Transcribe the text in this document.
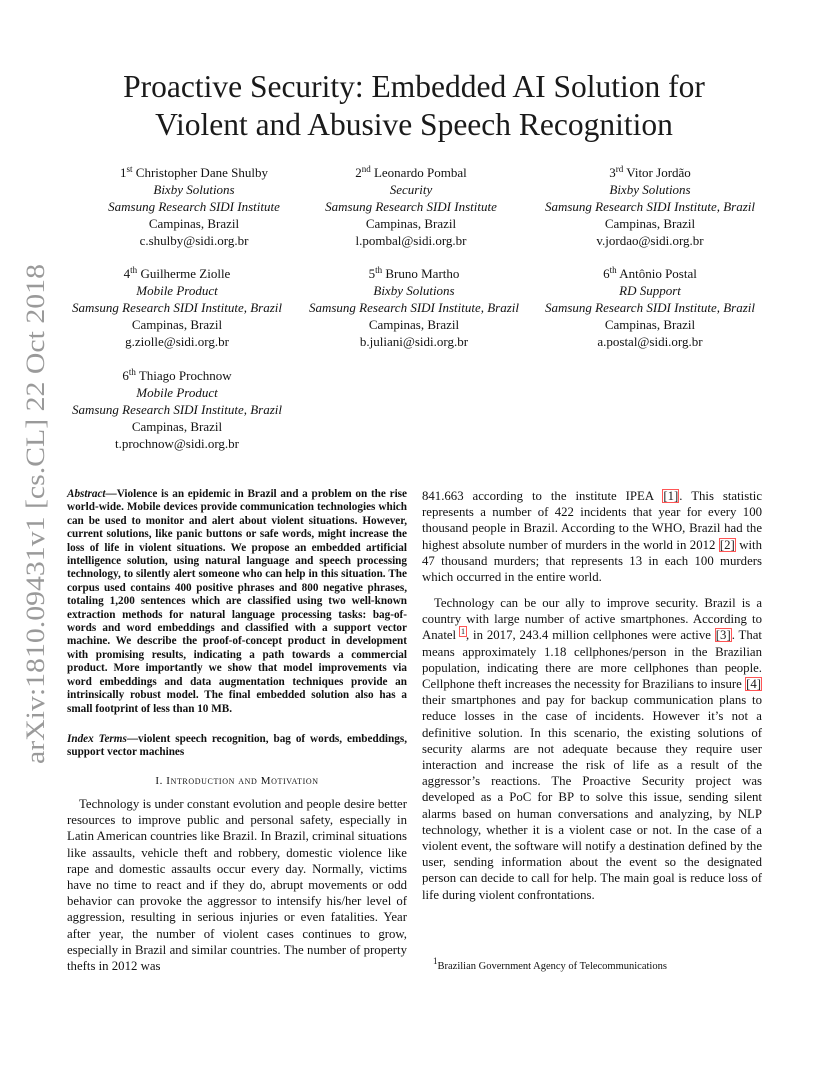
Proactive Security: Embedded AI Solution for
Violent and Abusive Speech Recognition
arXiv:1810.09431v1 [cs.CL] 22 Oct 2018
1st Christopher Dane Shulby
Bixby Solutions
Samsung Research SIDI Institute
Campinas, Brazil
c.shulby@sidi.org.br
2nd Leonardo Pombal
Security
Samsung Research SIDI Institute
Campinas, Brazil
l.pombal@sidi.org.br
3rd Vitor Jordão
Bixby Solutions
Samsung Research SIDI Institute, Brazil
Campinas, Brazil
v.jordao@sidi.org.br
4th Guilherme Ziolle
Mobile Product
Samsung Research SIDI Institute, Brazil
Campinas, Brazil
g.ziolle@sidi.org.br
5th Bruno Martho
Bixby Solutions
Samsung Research SIDI Institute, Brazil
Campinas, Brazil
b.juliani@sidi.org.br
6th Antônio Postal
RD Support
Samsung Research SIDI Institute, Brazil
Campinas, Brazil
a.postal@sidi.org.br
6th Thiago Prochnow
Mobile Product
Samsung Research SIDI Institute, Brazil
Campinas, Brazil
t.prochnow@sidi.org.br
Abstract—Violence is an epidemic in Brazil and a problem on the rise world-wide. Mobile devices provide communication technologies which can be used to monitor and alert about violent situations. However, current solutions, like panic buttons or safe words, might increase the loss of life in violent situations. We propose an embedded artificial intelligence solution, using natural language and speech processing technology, to silently alert someone who can help in this situation. The corpus used contains 400 positive phrases and 800 negative phrases, totaling 1,200 sentences which are classified using two well-known extraction methods for natural language processing tasks: bag-of-words and word embeddings and classified with a support vector machine. We describe the proof-of-concept product in development with promising results, indicating a path towards a commercial product. More importantly we show that model improvements via word embeddings and data augmentation techniques provide an intrinsically robust model. The final embedded solution also has a small footprint of less than 10 MB.
Index Terms—violent speech recognition, bag of words, embeddings, support vector machines
I. Introduction and Motivation
Technology is under constant evolution and people desire better resources to improve public and personal safety, especially in Latin American countries like Brazil. In Brazil, criminal situations like assaults, vehicle theft and robbery, domestic violence like rape and domestic assaults occur every day. Normally, victims have no time to react and if they do, abrupt movements or odd behavior can provoke the aggressor to intensify his/her level of aggression, resulting in serious injuries or even fatalities. Year after year, the number of violent cases continues to grow, especially in Brazil and similar countries. The number of property thefts in 2012 was
841.663 according to the institute IPEA [1]. This statistic represents a number of 422 incidents that year for every 100 thousand people in Brazil. According to the WHO, Brazil had the highest absolute number of murders in the world in 2012 [2] with 47 thousand murders; that represents 13 in each 100 murders which occurred in the entire world.
Technology can be our ally to improve security. Brazil is a country with large number of active smartphones. According to Anatel $^1$, in 2017, 243.4 million cellphones were active [3]. That means approximately 1.18 cellphones/person in the Brazilian population, indicating there are more cellphones than people. Cellphone theft increases the necessity for Brazilians to insure [4] their smartphones and pay for backup communication plans to reduce losses in the case of incidents. However it’s not a definitive solution. In this scenario, the existing solutions of security alarms are not adequate because they require user interaction and increase the risk of life as a result of the aggressor’s reactions. The Proactive Security project was developed as a PoC for BP to solve this issue, sending silent alarms based on human conversations and analyzing, by NLP technology, whether it is a violent case or not. In the case of a violent event, the software will notify a destination defined by the user, sending information about the event so the designated person can decide to call for help. The main goal is reduce loss of life during violent confrontations.
$^1$Brazilian Government Agency of Telecommunications
